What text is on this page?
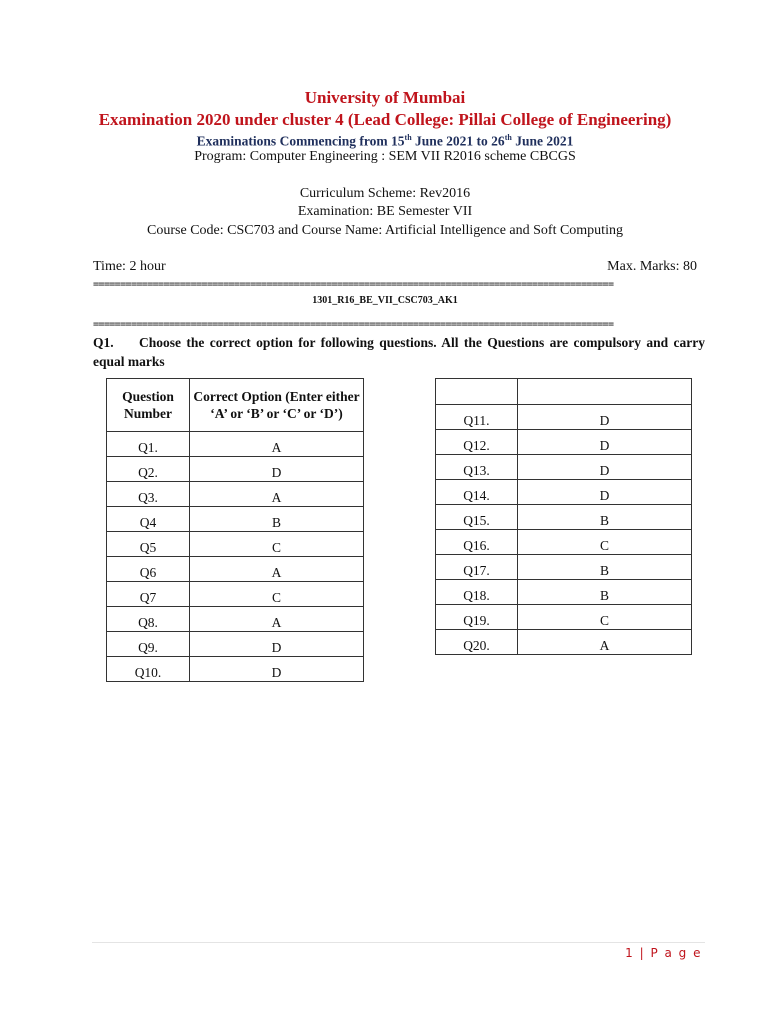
University of Mumbai
Examination 2020 under cluster 4 (Lead College: Pillai College of Engineering)
Examinations Commencing from 15th June 2021 to 26th June 2021
Program: Computer Engineering : SEM VII R2016 scheme CBCGS
Curriculum Scheme: Rev2016
Examination: BE Semester VII
Course Code: CSC703 and Course Name: Artificial Intelligence and Soft Computing
Time: 2 hour	Max. Marks: 80
================================================================================================
1301_R16_BE_VII_CSC703_AK1
================================================================================================
Q1. Choose the correct option for following questions. All the Questions are compulsory and carry equal marks
Question Number	Correct Option (Enter either ‘A’ or ‘B’ or ‘C’ or ‘D’)
Q1.	A
Q2.	D
Q3.	A
Q4	B
Q5	C
Q6	A
Q7	C
Q8.	A
Q9.	D
Q10.	D

Q11.	D
Q12.	D
Q13.	D
Q14.	D
Q15.	B
Q16.	C
Q17.	B
Q18.	B
Q19.	C
Q20.	A
1 | P a g e
